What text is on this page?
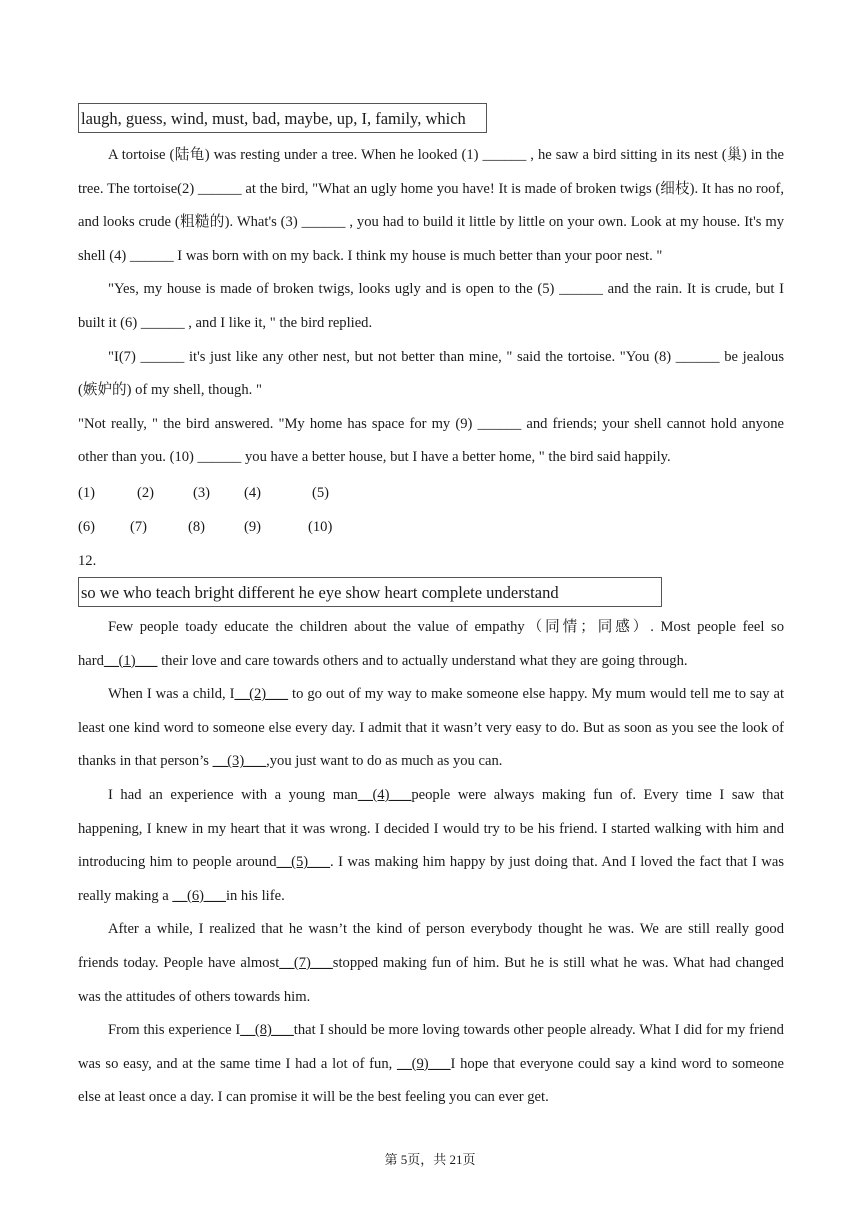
laugh, guess, wind, must, bad, maybe, up, I, family, which

A tortoise (陆龟) was resting under a tree. When he looked (1) ______ , he saw a bird sitting in its nest (巢) in the tree. The tortoise(2) ______ at the bird, "What an ugly home you have! It is made of broken twigs (细枝). It has no roof, and looks crude (粗糙的). What's (3) ______ , you had to build it little by little on your own. Look at my house. It's my shell (4) ______ I was born with on my back. I think my house is much better than your poor nest. "

"Yes, my house is made of broken twigs, looks ugly and is open to the (5) ______ and the rain. It is crude, but I built it (6) ______ , and I like it, " the bird replied.

"I(7) ______ it's just like any other nest, but not better than mine, " said the tortoise. "You (8) ______ be jealous (嫉妒的) of my shell, though. "

"Not really, " the bird answered. "My home has space for my (9) ______ and friends; your shell cannot hold anyone other than you. (10) ______ you have a better house, but I have a better home, " the bird said happily.

(1)	(2)	(3) (4)	(5)
(6) (7)	(8)	(9)	(10)
12.
so we who teach bright different he eye show heart complete understand

Few people toady educate the children about the value of empathy（同情；同感）. Most people feel so hard__(1)___ their love and care towards others and to actually understand what they are going through.

When I was a child, I__(2)___ to go out of my way to make someone else happy. My mum would tell me to say at least one kind word to someone else every day. I admit that it wasn’t very easy to do. But as soon as you see the look of thanks in that person’s __(3)___,you just want to do as much as you can.

I had an experience with a young man__(4)___people were always making fun of. Every time I saw that happening, I knew in my heart that it was wrong. I decided I would try to be his friend. I started walking with him and introducing him to people around__(5)___. I was making him happy by just doing that. And I loved the fact that I was really making a __(6)___in his life.

After a while, I realized that he wasn’t the kind of person everybody thought he was. We are still really good friends today. People have almost__(7)___stopped making fun of him. But he is still what he was. What had changed was the attitudes of others towards him.

From this experience I__(8)___that I should be more loving towards other people already. What I did for my friend was so easy, and at the same time I had a lot of fun, __(9)___I hope that everyone could say a kind word to someone else at least once a day. I can promise it will be the best feeling you can ever get.

第 5页，共 21页
